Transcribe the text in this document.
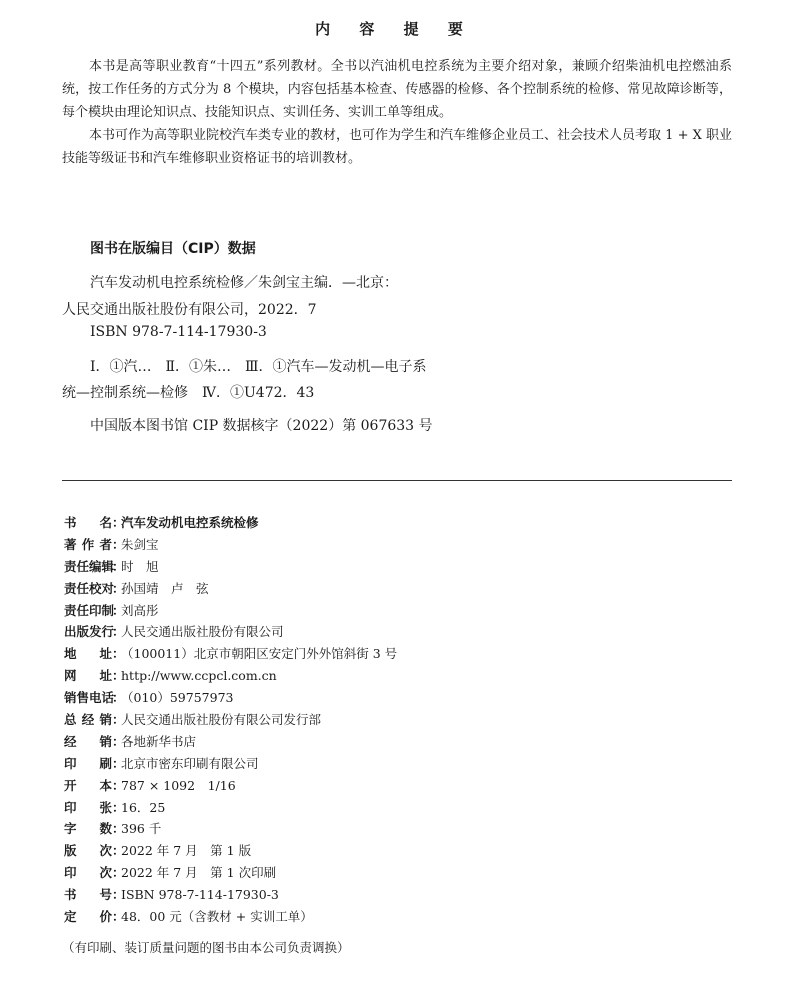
内 容 提 要
本书是高等职业教育“十四五”系列教材。全书以汽油机电控系统为主要介绍对象，兼顾介绍柴油机电控燃油系统，按工作任务的方式分为 8 个模块，内容包括基本检查、传感器的检修、各个控制系统的检修、常见故障诊断等，每个模块由理论知识点、技能知识点、实训任务、实训工单等组成。
本书可作为高等职业院校汽车类专业的教材，也可作为学生和汽车维修企业员工、社会技术人员考取 1 + X 职业技能等级证书和汽车维修职业资格证书的培训教材。
图书在版编目（CIP）数据
汽车发动机电控系统检修／朱剑宝主编．—北京：
人民交通出版社股份有限公司，2022．7
ISBN 978-7-114-17930-3
Ⅰ．①汽…　Ⅱ．①朱…　Ⅲ．①汽车—发动机—电子系
统—控制系统—检修　Ⅳ．①U472．43
中国版本图书馆 CIP 数据核字（2022）第 067633 号
书名 ：
汽车发动机电控系统检修
著作者 ：
朱剑宝
责任编辑
：
时　旭
责任校对
：
孙国靖　卢　弦
责任印制
：
刘高彤
出版发行
：
人民交通出版社股份有限公司
地址 ：
（100011）北京市朝阳区安定门外外馆斜街 3 号
网址 ：
http://www.ccpcl.com.cn
销售电话
：
（010）59757973
总经销 ：
人民交通出版社股份有限公司发行部
经销 ：
各地新华书店
印刷 ：
北京市密东印刷有限公司
开本 ：
787 × 1092　1/16
印张 ：
16．25
字数 ：
396 千
版次 ：
2022 年 7 月　第 1 版
印次 ：
2022 年 7 月　第 1 次印刷
书号 ：
ISBN 978-7-114-17930-3
定价 ：
48．00 元（含教材 + 实训工单）
（有印刷、装订质量问题的图书由本公司负责调换）
